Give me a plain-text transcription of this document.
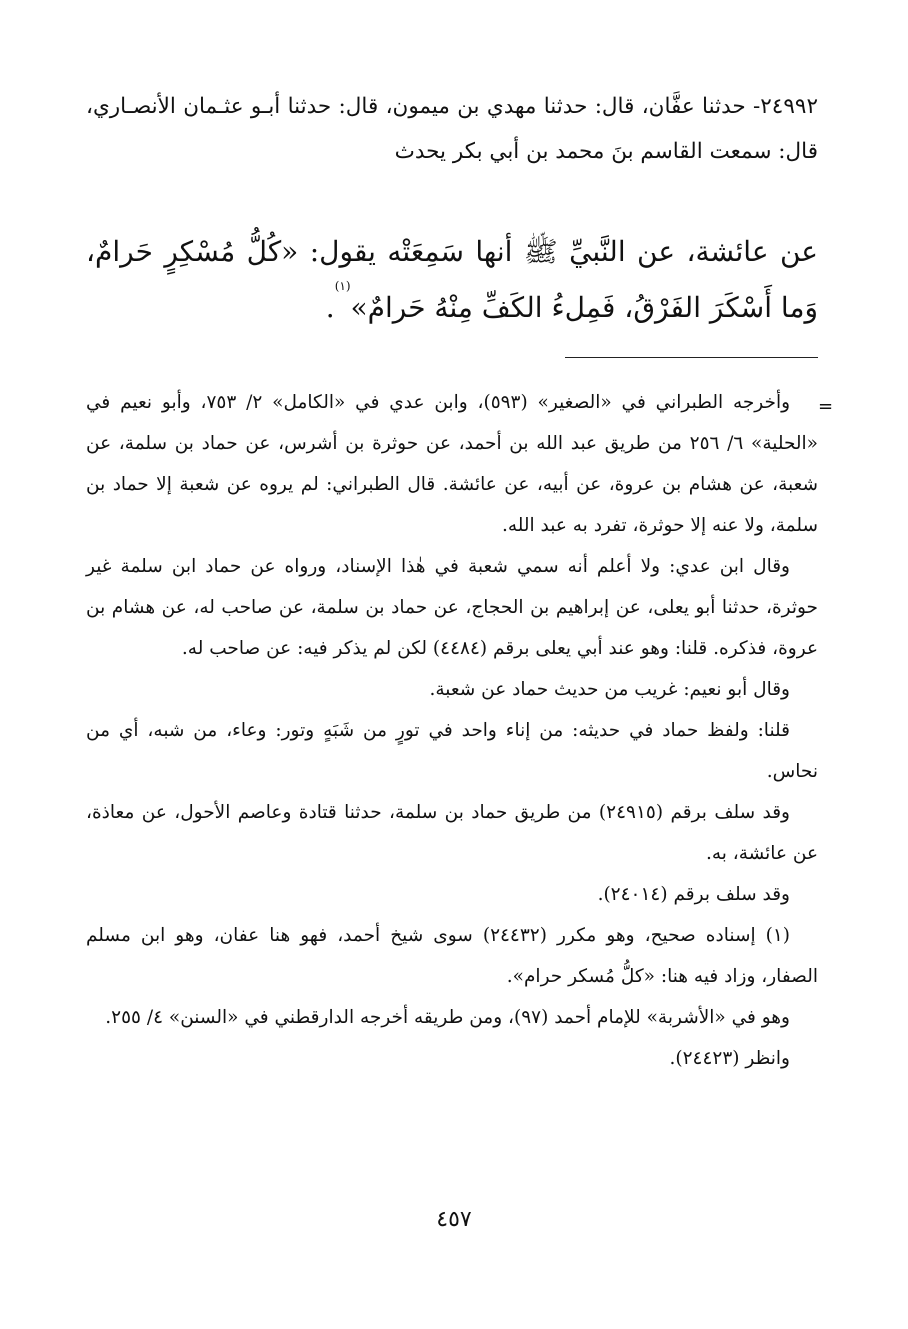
٢٤٩٩٢- حدثنا عفَّان، قال: حدثنا مهدي بن ميمون، قال: حدثنا أبـو عثـمان الأنصـاري، قال: سمعت القاسم بنَ محمد بن أبي بكر يحدث

عن عائشة، عن النَّبيِّ ﷺ أنها سَمِعَتْه يقول: «كُلُّ مُسْكِرٍ حَرامٌ، وَما أَسْكَرَ الفَرْقُ، فَمِلءُ الكَفِّ مِنْهُ حَرامٌ»$^{(١)}$.

=

وأخرجه الطبراني في «الصغير» (٥٩٣)، وابن عدي في «الكامل» ٢/ ٧٥٣، وأبو نعيم في «الحلية» ٦/ ٢٥٦ من طريق عبد الله بن أحمد، عن حوثرة بن أشرس، عن حماد بن سلمة، عن شعبة، عن هشام بن عروة، عن أبيه، عن عائشة. قال الطبراني: لم يروه عن شعبة إلا حماد بن سلمة، ولا عنه إلا حوثرة، تفرد به عبد الله.

وقال ابن عدي: ولا أعلم أنه سمي شعبة في هٰذا الإسناد، ورواه عن حماد ابن سلمة غير حوثرة، حدثنا أبو يعلى، عن إبراهيم بن الحجاج، عن حماد بن سلمة، عن صاحب له، عن هشام بن عروة، فذكره. قلنا: وهو عند أبي يعلى برقم (٤٤٨٤) لكن لم يذكر فيه: عن صاحب له.

وقال أبو نعيم: غريب من حديث حماد عن شعبة.

قلنا: ولفظ حماد في حديثه: من إناء واحد في تورٍ من شَبَهٍ وتور: وعاء، من شبه، أي من نحاس.

وقد سلف برقم (٢٤٩١٥) من طريق حماد بن سلمة، حدثنا قتادة وعاصم الأحول، عن معاذة، عن عائشة، به.

وقد سلف برقم (٢٤٠١٤).

(١) إسناده صحيح، وهو مكرر (٢٤٤٣٢) سوى شيخ أحمد، فهو هنا عفان، وهو ابن مسلم الصفار، وزاد فيه هنا: «كلُّ مُسكر حرام».

وهو في «الأشربة» للإمام أحمد (٩٧)، ومن طريقه أخرجه الدارقطني في «السنن» ٤/ ٢٥٥.

وانظر (٢٤٤٢٣).

٤٥٧
